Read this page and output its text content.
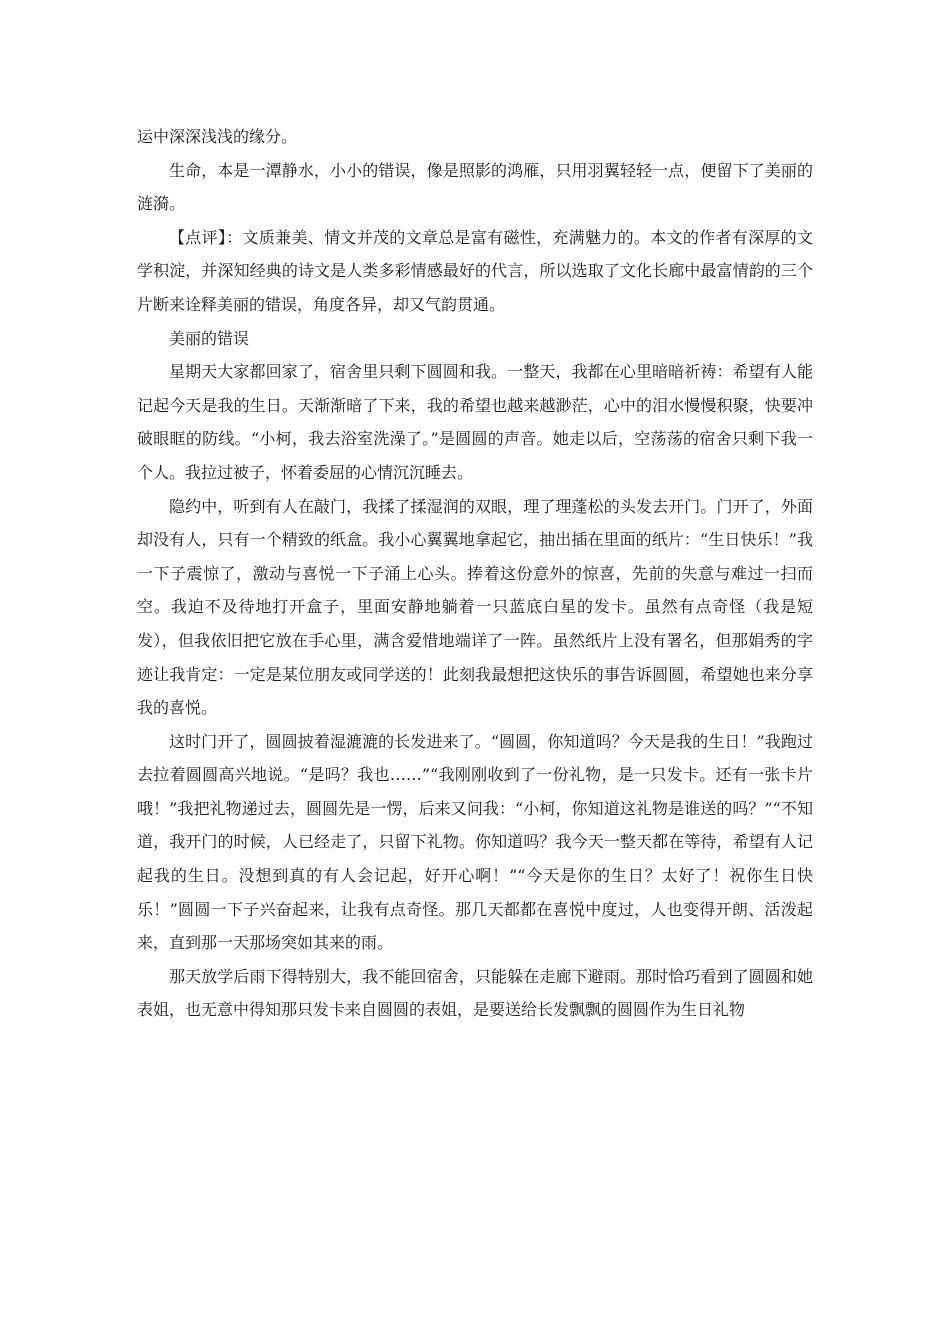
运中深深浅浅的缘分。

生命，本是一潭静水，小小的错误，像是照影的鸿雁，只用羽翼轻轻一点，便留下了美丽的涟漪。

【点评】：文质兼美、情文并茂的文章总是富有磁性，充满魅力的。本文的作者有深厚的文学积淀，并深知经典的诗文是人类多彩情感最好的代言，所以选取了文化长廊中最富情韵的三个片断来诠释美丽的错误，角度各异，却又气韵贯通。

美丽的错误

星期天大家都回家了，宿舍里只剩下圆圆和我。一整天，我都在心里暗暗祈祷：希望有人能记起今天是我的生日。天渐渐暗了下来，我的希望也越来越渺茫，心中的泪水慢慢积聚，快要冲破眼眶的防线。“小柯，我去浴室洗澡了。”是圆圆的声音。她走以后，空荡荡的宿舍只剩下我一个人。我拉过被子，怀着委屈的心情沉沉睡去。

隐约中，听到有人在敲门，我揉了揉湿润的双眼，理了理蓬松的头发去开门。门开了，外面却没有人，只有一个精致的纸盒。我小心翼翼地拿起它，抽出插在里面的纸片：“生日快乐！”我一下子震惊了，激动与喜悦一下子涌上心头。捧着这份意外的惊喜，先前的失意与难过一扫而空。我迫不及待地打开盒子，里面安静地躺着一只蓝底白星的发卡。虽然有点奇怪（我是短发），但我依旧把它放在手心里，满含爱惜地端详了一阵。虽然纸片上没有署名，但那娟秀的字迹让我肯定：一定是某位朋友或同学送的！此刻我最想把这快乐的事告诉圆圆，希望她也来分享我的喜悦。

这时门开了，圆圆披着湿漉漉的长发进来了。“圆圆，你知道吗？今天是我的生日！”我跑过去拉着圆圆高兴地说。“是吗？我也……”“我刚刚收到了一份礼物，是一只发卡。还有一张卡片哦！”我把礼物递过去，圆圆先是一愣，后来又问我：“小柯，你知道这礼物是谁送的吗？”“不知道，我开门的时候，人已经走了，只留下礼物。你知道吗？我今天一整天都在等待，希望有人记起我的生日。没想到真的有人会记起，好开心啊！”“今天是你的生日？太好了！祝你生日快乐！”圆圆一下子兴奋起来，让我有点奇怪。那几天都都在喜悦中度过，人也变得开朗、活泼起来，直到那一天那场突如其来的雨。

那天放学后雨下得特别大，我不能回宿舍，只能躲在走廊下避雨。那时恰巧看到了圆圆和她表姐，也无意中得知那只发卡来自圆圆的表姐，是要送给长发飘飘的圆圆作为生日礼物
